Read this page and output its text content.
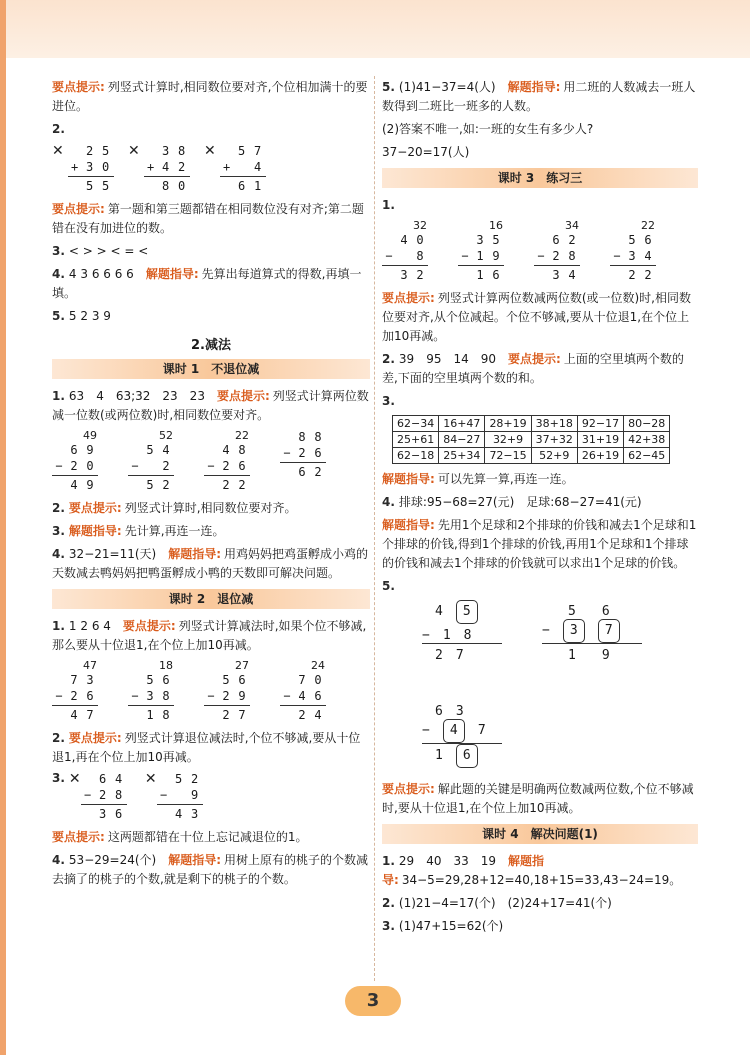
要点提示: 列竖式计算时,相同数位要对齐,个位相加满十的要进位。

2.

✕	2 5
+ 3 0
5 5
✕	3 8
+ 4 2
8 0
✕	5 7
+	4
6 1

要点提示: 第一题和第三题都错在相同数位没有对齐;第二题错在没有加进位的数。

3. < > > < = <

4. 4 3 6 6 6 6　 解题指导: 先算出每道算式的得数,再填一填。

5. 5 2 3 9

2.减法
课时 1　不退位减

1. 63　4　63;32　23　23　 要点提示: 列竖式计算两位数减一位数(或两位数)时,相同数位要对齐。

49
6 9
− 2 0
4 9
52
5 4
−	2
5 2
22
4 8
− 2 6
2 2
8 8
− 2 6
6 2

2. 要点提示: 列竖式计算时,相同数位要对齐。

3. 解题指导: 先计算,再连一连。

4. 32−21=11(天)　 解题指导: 用鸡妈妈把鸡蛋孵成小鸡的天数减去鸭妈妈把鸭蛋孵成小鸭的天数即可解决问题。

课时 2　退位减

1. 1 2 6 4　 要点提示: 列竖式计算减法时,如果个位不够减,那么要从十位退1,在个位上加10再减。

47
7 3
− 2 6
4 7
18
5 6
− 3 8
1 8
27
5 6
− 2 9
2 7
24
7 0
− 4 6
2 4

2. 要点提示: 列竖式计算退位减法时,个位不够减,要从十位退1,再在个位上加10再减。

3. ✕	6 4
− 2 8
3 6
✕	5 2
−	9
4 3

要点提示: 这两题都错在十位上忘记减退位的1。

4. 53−29=24(个)　 解题指导: 用树上原有的桃子的个数减去摘了的桃子的个数,就是剩下的桃子的个数。

5. (1)41−37=4(人)　 解题指导: 用二班的人数减去一班人数得到二班比一班多的人数。

(2)答案不唯一,如:一班的女生有多少人?

37−20=17(人)

课时 3　练习三

1.

32
4 0
−	8
3 2
16
3 5
− 1 9
1 6
34
6 2
− 2 8
3 4
22
5 6
− 3 4
2 2

要点提示: 列竖式计算两位数减两位数(或一位数)时,相同数位要对齐,从个位减起。个位不够减,要从十位退1,在个位上加10再减。

2. 39　95　14　90　 要点提示: 上面的空里填两个数的差,下面的空里填两个数的和。

3.

62−34	16+47	28+19	38+18	92−17	80−28
25+61	84−27	32+9	37+32	31+19	42+38
62−18	25+34	72−15	52+9	26+19	62−45

解题指导: 可以先算一算,再连一连。

4. 排球:95−68=27(元)　足球:68−27=41(元)

解题指导: 先用1个足球和2个排球的价钱和减去1个足球和1个排球的价钱,得到1个排球的价钱,再用1个足球和1个排球的价钱和减去1个排球的价钱就可以求出1个足球的价钱。

5.

　4　5
−　1　8
　2　7
　　5　　6
−　3　 7
　　1　　9
　6　3
−　4　7
　1　6

要点提示: 解此题的关键是明确两位数减两位数,个位不够减时,要从十位退1,在个位上加10再减。

课时 4　解决问题(1)

1. 29　40　33　19　 解题指导: 34−5=29,28+12=40,18+15=33,43−24=19。

2. (1)21−4=17(个)　(2)24+17=41(个)

3. (1)47+15=62(个)

3
